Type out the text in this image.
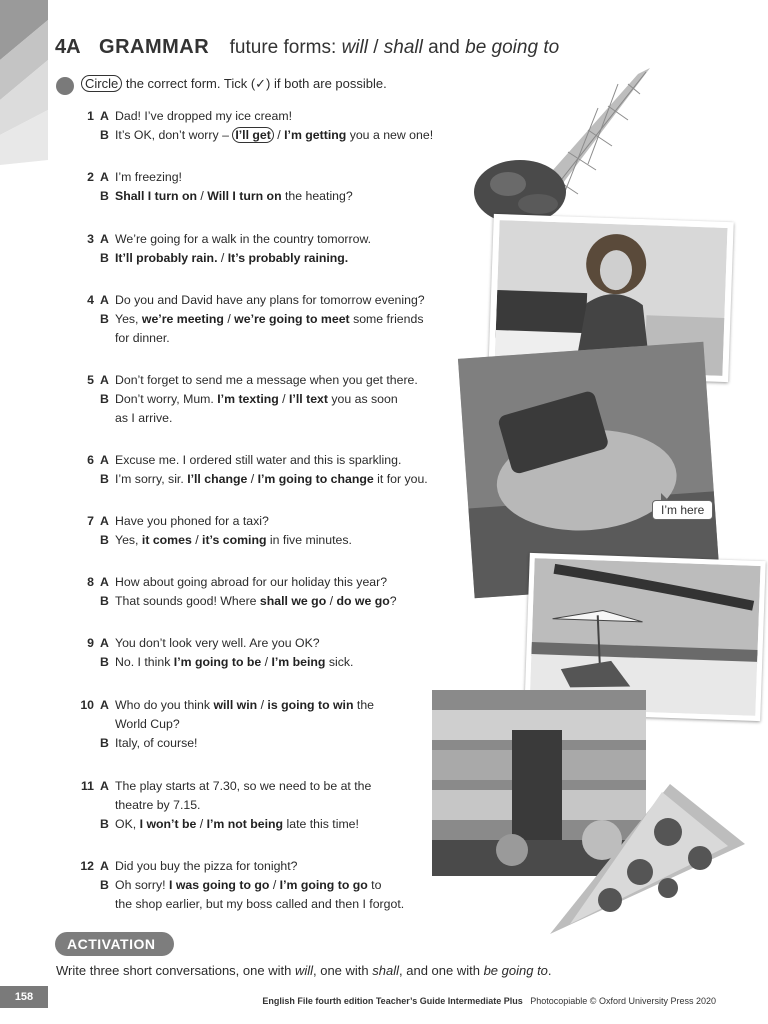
4A GRAMMAR future forms: will / shall and be going to
Circle the correct form. Tick (✓) if both are possible.
1 A Dad! I’ve dropped my ice cream!
B It’s OK, don’t worry – I’ll get / I’m getting you a new one!
2 A I’m freezing!
B Shall I turn on / Will I turn on the heating?
3 A We’re going for a walk in the country tomorrow.
B It’ll probably rain. / It’s probably raining.
4 A Do you and David have any plans for tomorrow evening?
B Yes, we’re meeting / we’re going to meet some friends
for dinner.
5 A Don’t forget to send me a message when you get there.
B Don’t worry, Mum. I’m texting / I’ll text you as soon
as I arrive.
6 A Excuse me. I ordered still water and this is sparkling.
B I’m sorry, sir. I’ll change / I’m going to change it for you.
7 A Have you phoned for a taxi?
B Yes, it comes / it’s coming in five minutes.
8 A How about going abroad for our holiday this year?
B That sounds good! Where shall we go / do we go?
9 A You don’t look very well. Are you OK?
B No. I think I’m going to be / I’m being sick.
10 A Who do you think will win / is going to win the
World Cup?
B Italy, of course!
11 A The play starts at 7.30, so we need to be at the
theatre by 7.15.
B OK, I won’t be / I’m not being late this time!
12 A Did you buy the pizza for tonight?
B Oh sorry! I was going to go / I’m going to go to
the shop earlier, but my boss called and then I forgot.
I’m here
ACTIVATION
Write three short conversations, one with will, one with shall, and one with be going to.
158	English File fourth edition Teacher’s Guide Intermediate Plus Photocopiable © Oxford University Press 2020
